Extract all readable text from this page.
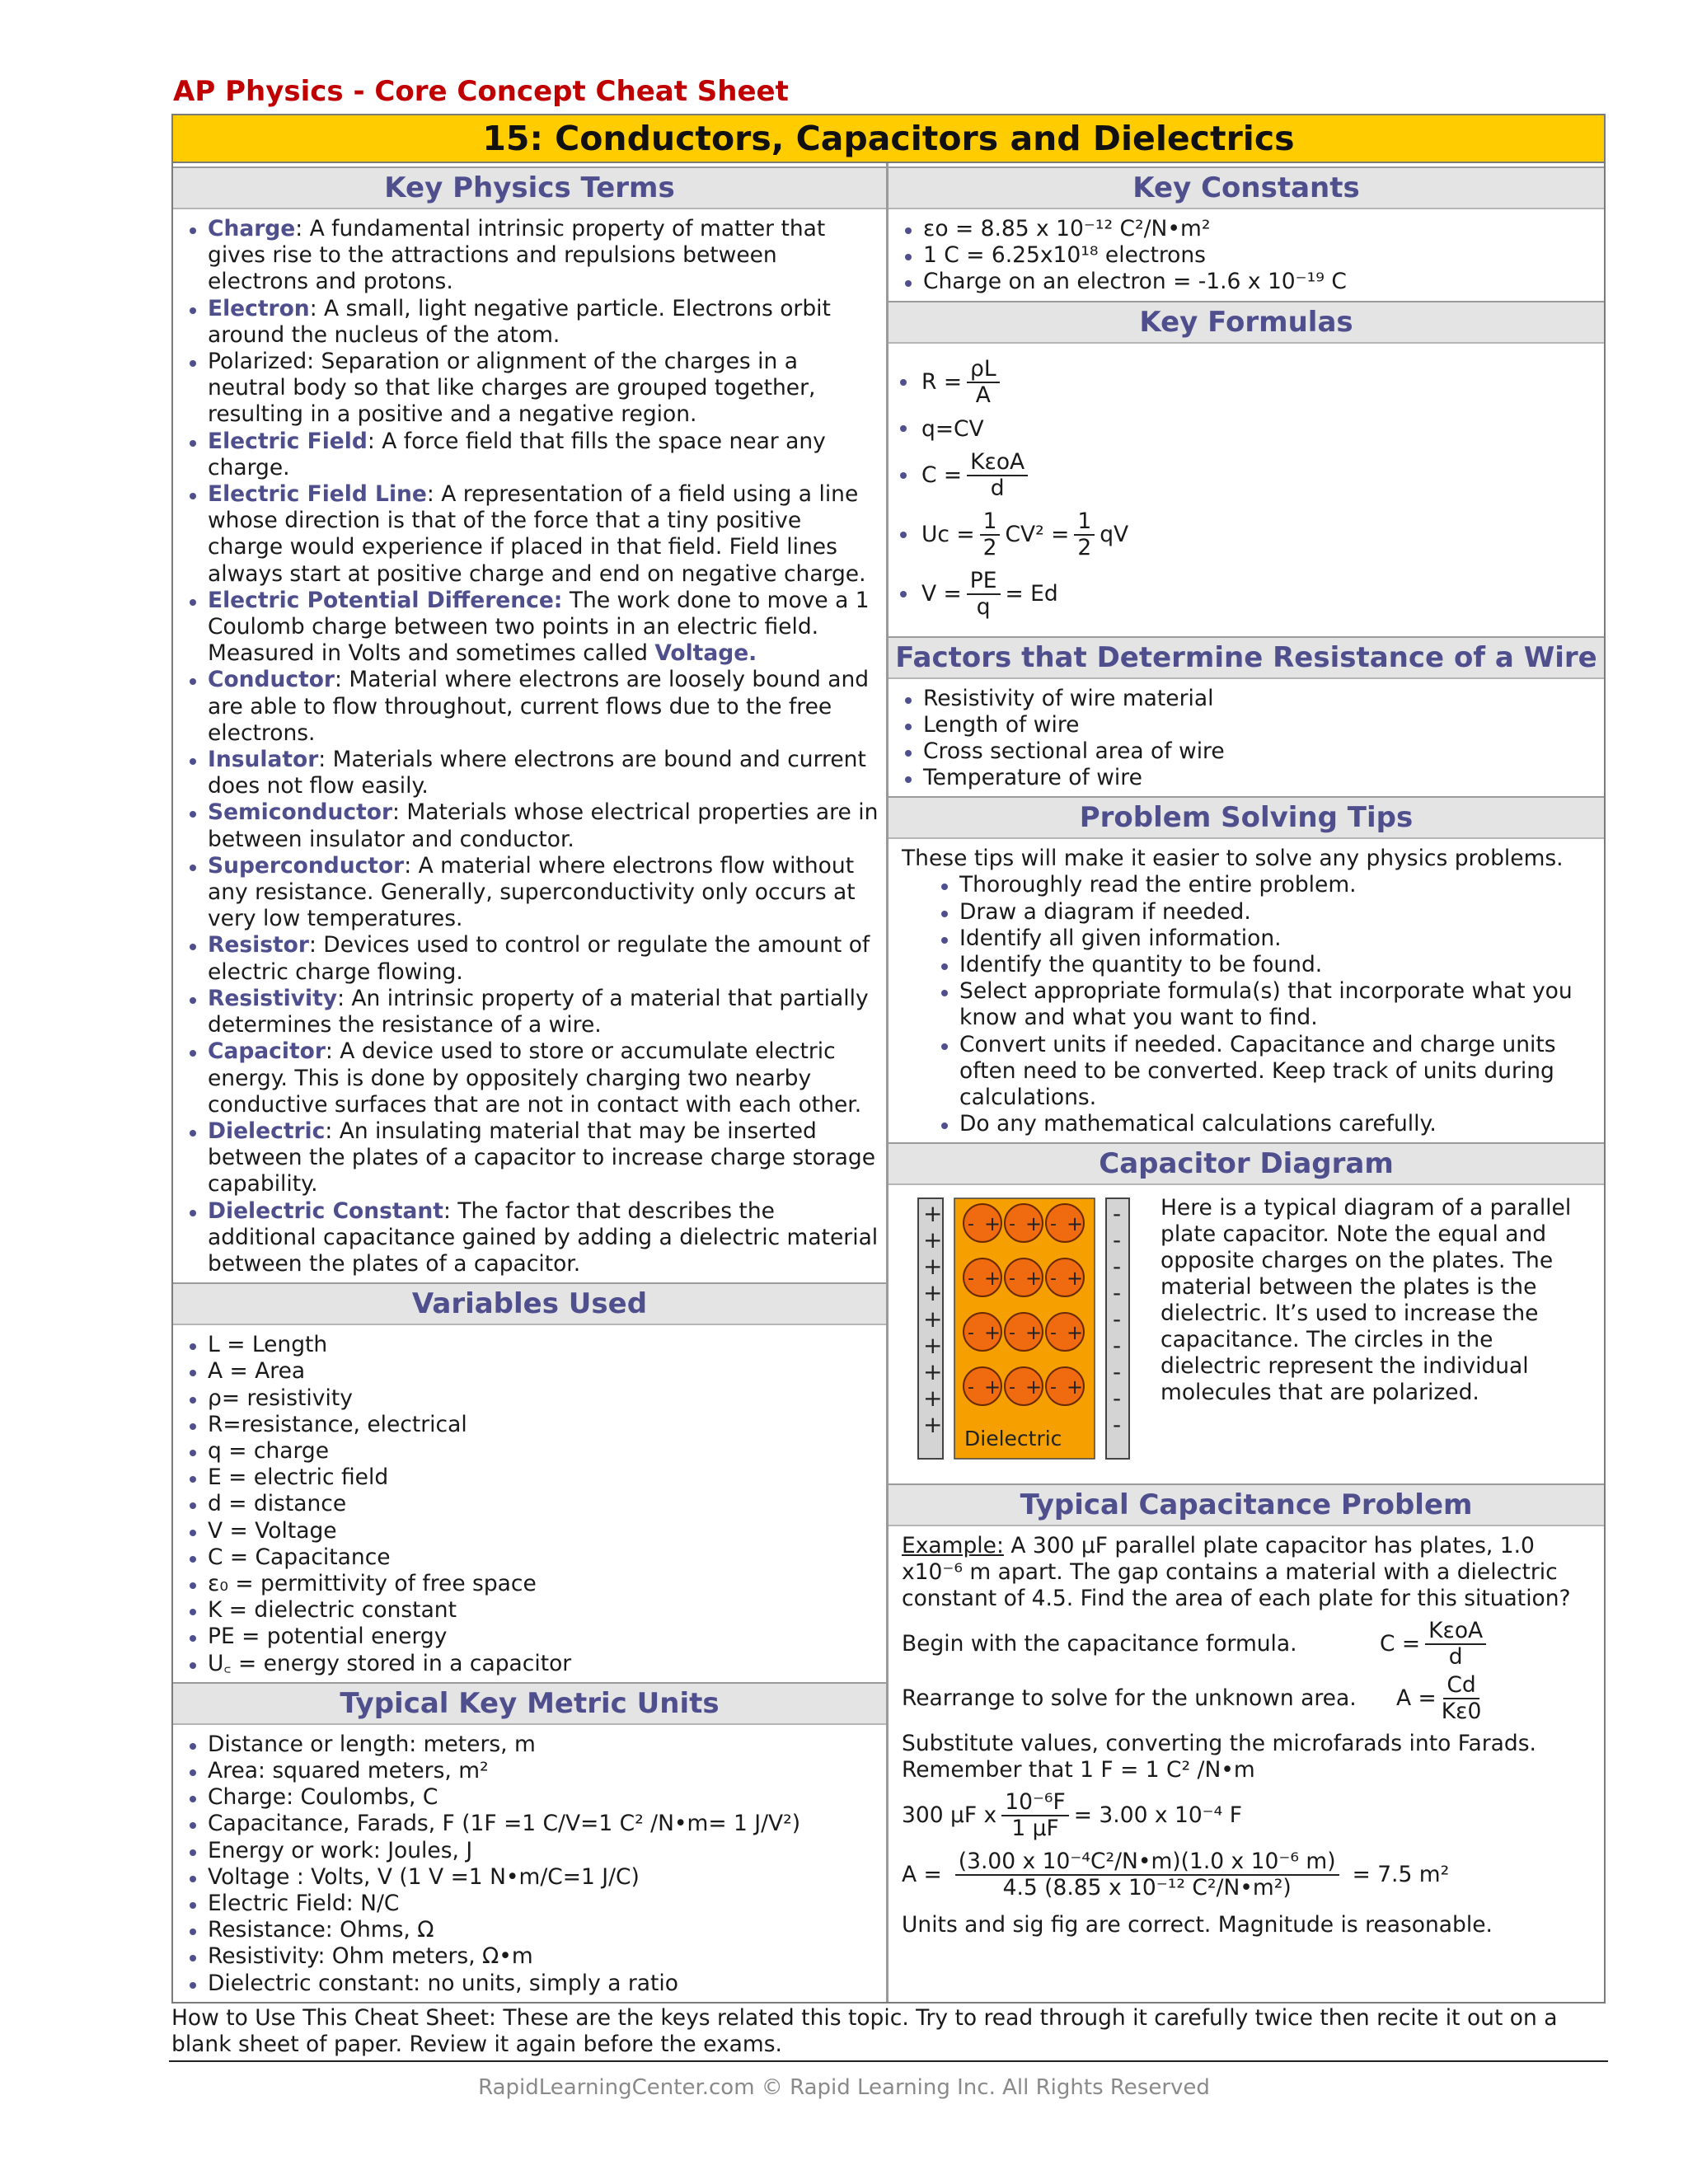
AP Physics - Core Concept Cheat Sheet
15: Conductors, Capacitors and Dielectrics
Key Physics Terms
Charge: A fundamental intrinsic property of matter that gives rise to the attractions and repulsions between electrons and protons.
Electron: A small, light negative particle. Electrons orbit around the nucleus of the atom.
Polarized: Separation or alignment of the charges in a neutral body so that like charges are grouped together, resulting in a positive and a negative region.
Electric Field: A force field that fills the space near any charge.
Electric Field Line: A representation of a field using a line whose direction is that of the force that a tiny positive charge would experience if placed in that field. Field lines always start at positive charge and end on negative charge.
Electric Potential Difference: The work done to move a 1 Coulomb charge between two points in an electric field. Measured in Volts and sometimes called Voltage.
Conductor: Material where electrons are loosely bound and are able to flow throughout, current flows due to the free electrons.
Insulator: Materials where electrons are bound and current does not flow easily.
Semiconductor: Materials whose electrical properties are in between insulator and conductor.
Superconductor: A material where electrons flow without any resistance. Generally, superconductivity only occurs at very low temperatures.
Resistor: Devices used to control or regulate the amount of electric charge flowing.
Resistivity: An intrinsic property of a material that partially determines the resistance of a wire.
Capacitor: A device used to store or accumulate electric energy. This is done by oppositely charging two nearby conductive surfaces that are not in contact with each other.
Dielectric: An insulating material that may be inserted between the plates of a capacitor to increase charge storage capability.
Dielectric Constant: The factor that describes the additional capacitance gained by adding a dielectric material between the plates of a capacitor.
Variables Used
L = Length
A = Area
ρ= resistivity
R=resistance, electrical
q = charge
E = electric field
d = distance
V = Voltage
C = Capacitance
ε₀ = permittivity of free space
K = dielectric constant
PE = potential energy
U꜀ = energy stored in a capacitor
Typical Key Metric Units
Distance or length: meters, m
Area: squared meters, m²
Charge: Coulombs, C
Capacitance, Farads, F (1F =1 C/V=1 C² /N•m= 1 J/V²)
Energy or work: Joules, J
Voltage : Volts, V (1 V =1 N•m/C=1 J/C)
Electric Field: N/C
Resistance: Ohms, Ω
Resistivity: Ohm meters, Ω•m
Dielectric constant: no units, simply a ratio
Key Constants
εo = 8.85 x 10⁻¹² C²/N•m²
1 C = 6.25x10¹⁸ electrons
Charge on an electron = -1.6 x 10⁻¹⁹ C
Key Formulas
$R = \frac{\rho L}{A}$
q=CV
$C = \frac{\text{KεoA}}{d}$
$Uc = \frac{1}{2} CV^2 = \frac{1}{2}$ qV
$V = \frac{PE}{q} = Ed$
Factors that Determine Resistance of a Wire
Resistivity of wire material
Length of wire
Cross sectional area of wire
Temperature of wire
Problem Solving Tips
These tips will make it easier to solve any physics problems.
Thoroughly read the entire problem.
Draw a diagram if needed.
Identify all given information.
Identify the quantity to be found.
Select appropriate formula(s) that incorporate what you know and what you want to find.
Convert units if needed. Capacitance and charge units often need to be converted. Keep track of units during calculations.
Do any mathematical calculations carefully.
Capacitor Diagram
+
+
+
+
+
+
+
+
+
-
-
-
-
-
-
-
-
-
- + - + - +
- + - + - +
- + - + - +
- + - + - +
Dielectric
Here is a typical diagram of a parallel plate capacitor. Note the equal and opposite charges on the plates. The material between the plates is the dielectric. It’s used to increase the capacitance. The circles in the dielectric represent the individual molecules that are polarized.
Typical Capacitance Problem
Example: A 300 μF parallel plate capacitor has plates, 1.0 x10⁻⁶ m apart. The gap contains a material with a dielectric constant of 4.5. Find the area of each plate for this situation?
Begin with the capacitance formula.	$C = \frac{\text{KεoA}}{d}$
Rearrange to solve for the unknown area.	$A = \frac{Cd}{K\varepsilon 0}$
Substitute values, converting the microfarads into Farads. Remember that 1 F = 1 C² /N•m
300 μF x $\frac{\text{10⁻⁶F}}{1 \mu F} = 3.00$ x 10⁻⁴ F
$A = \frac{\text{(3.00 x 10⁻⁴C²/N•m)(1.0 x 10⁻⁶ m)}}{\text{4.5 (8.85 x 10⁻¹² C²/N•m²)}} = 7.5$ m²
Units and sig fig are correct. Magnitude is reasonable.
How to Use This Cheat Sheet: These are the keys related this topic. Try to read through it carefully twice then recite it out on a blank sheet of paper. Review it again before the exams.
RapidLearningCenter.com © Rapid Learning Inc. All Rights Reserved
